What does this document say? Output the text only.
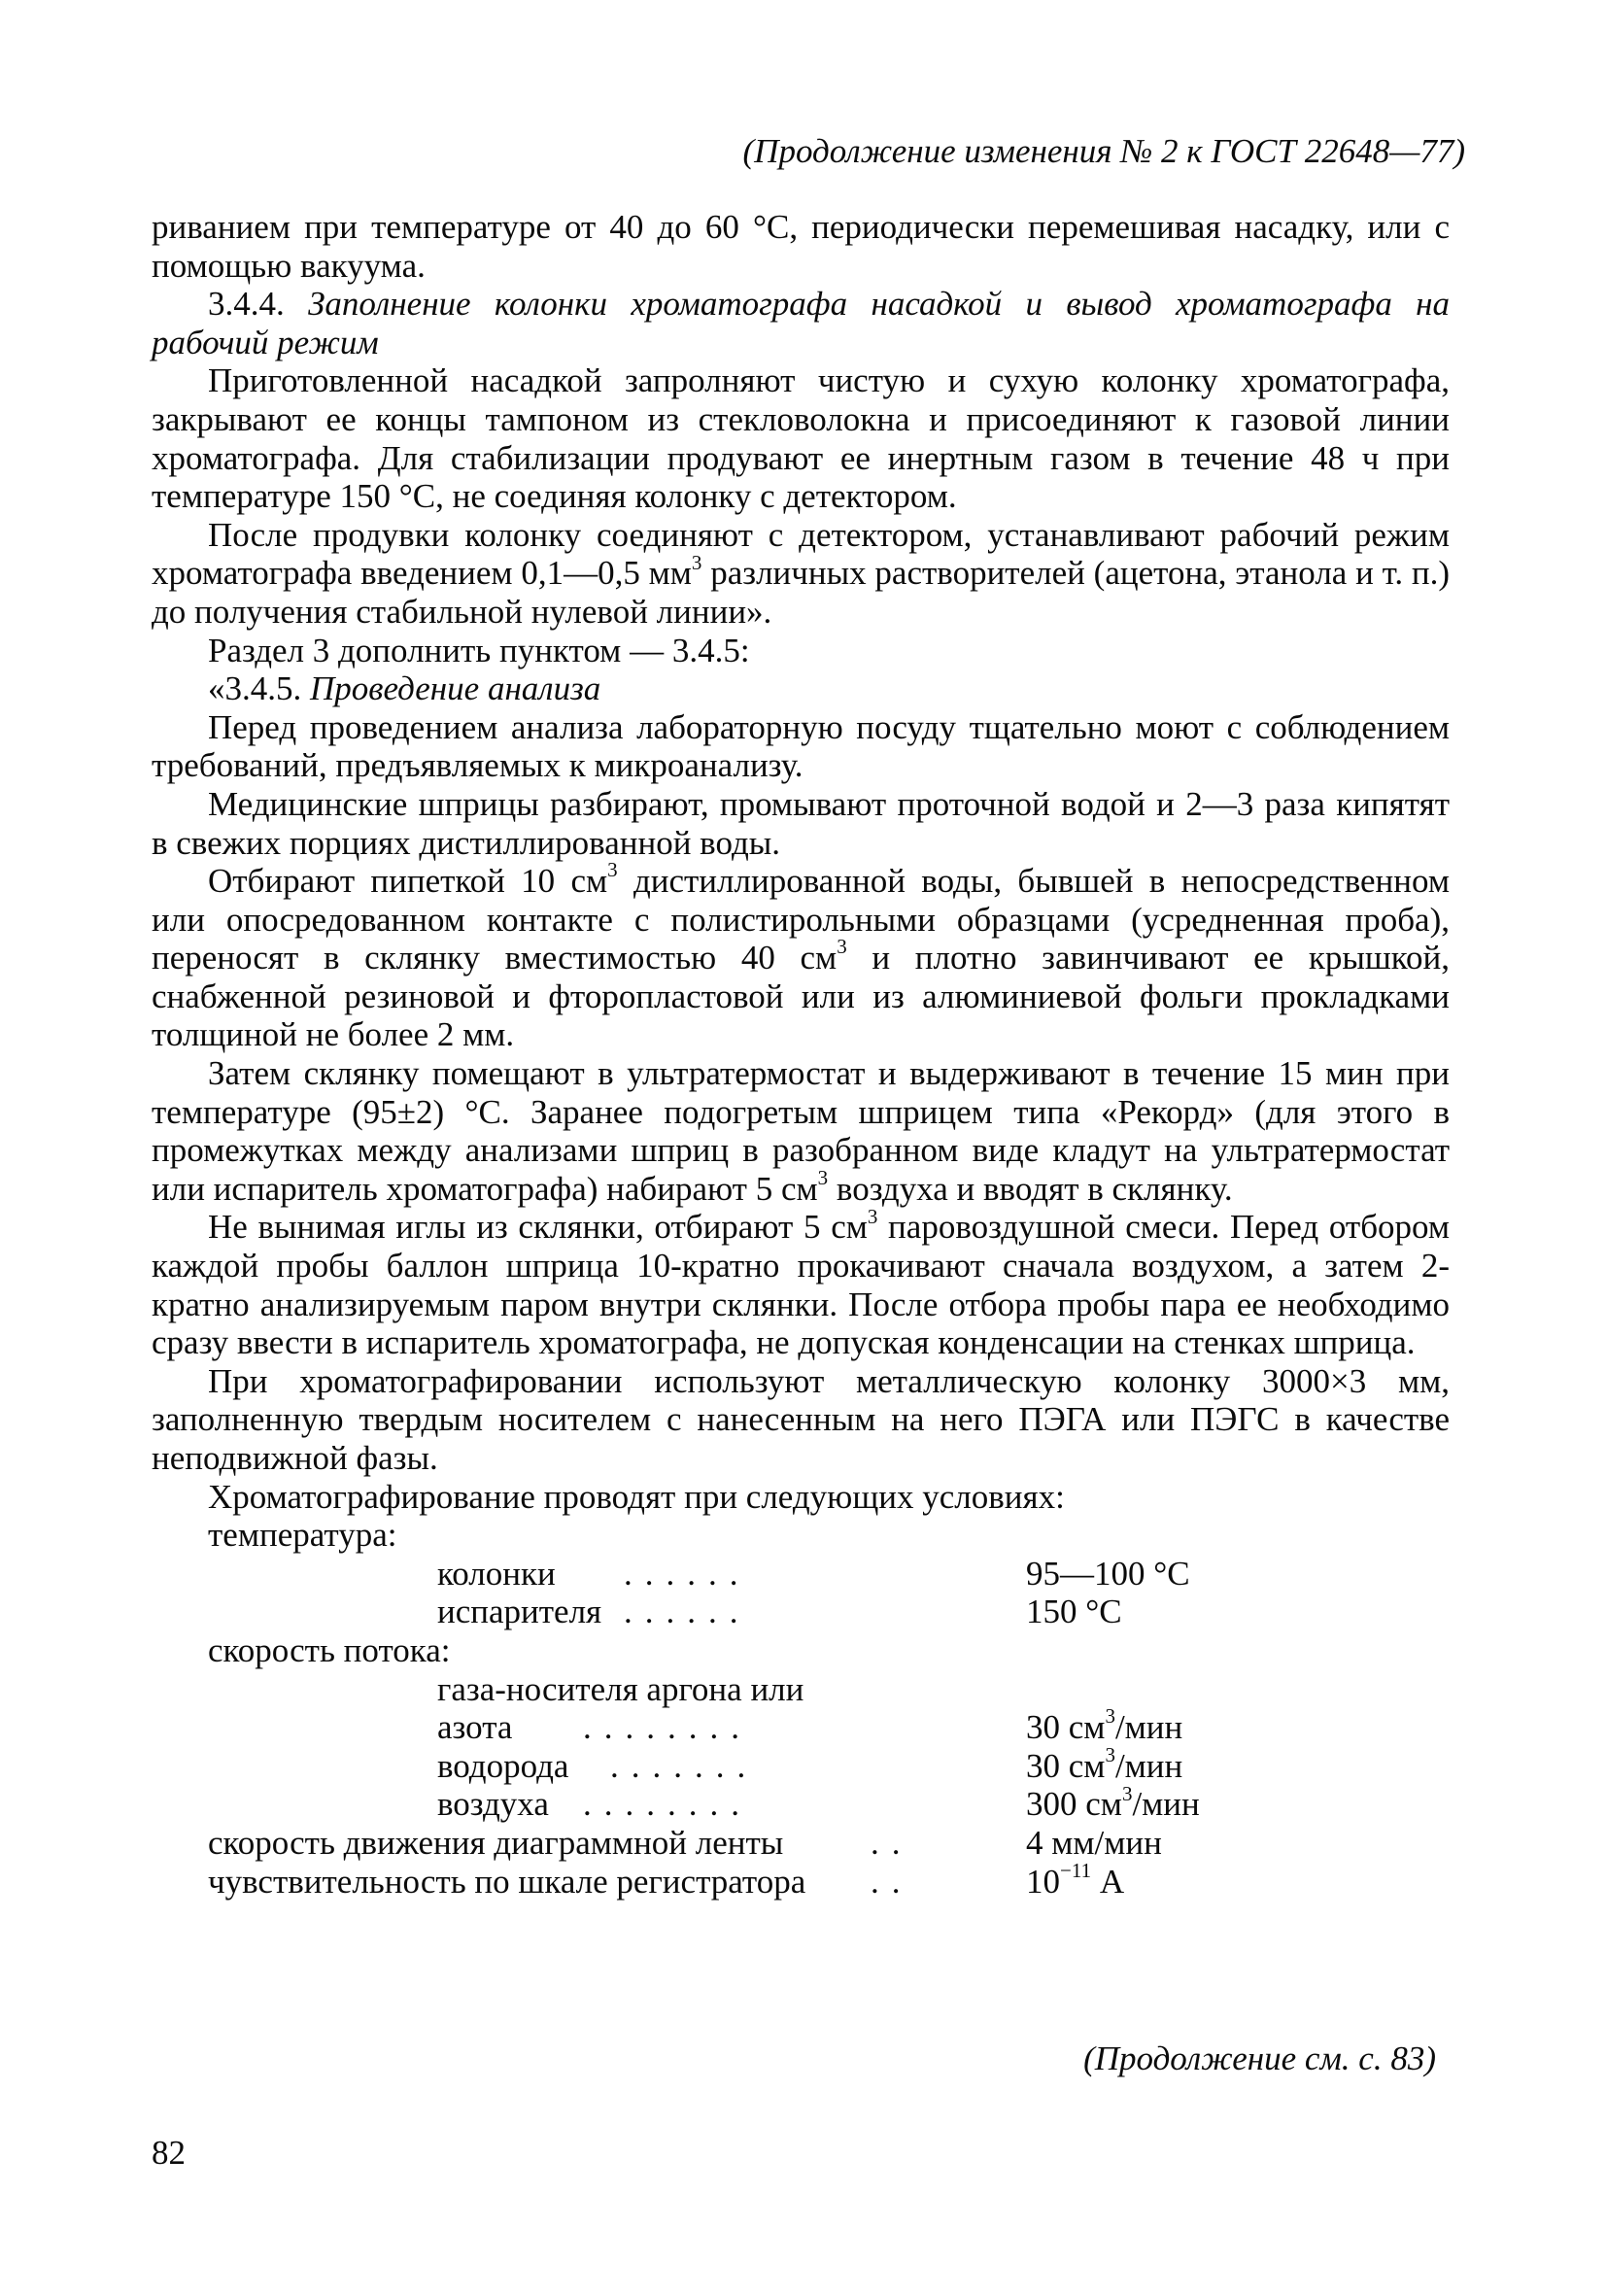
(Продолжение изменения № 2 к ГОСТ 22648—77)

риванием при температуре от 40 до 60 °С, периодически перемешивая насадку, или с помощью вакуума.

3.4.4. Заполнение колонки хроматографа насадкой и вывод хроматографа на рабочий режим

Приготовленной насадкой запролняют чистую и сухую колонку хроматографа, закрывают ее концы тампоном из стекловолокна и присоединяют к газовой линии хроматографа. Для стабилизации продувают ее инертным газом в течение 48 ч при температуре 150 °С, не соединяя колонку с детектором.

После продувки колонку соединяют с детектором, устанавливают рабочий режим хроматографа введением 0,1—0,5 $мм^3$ различных растворителей (ацетона, этанола и т. п.) до получения стабильной нулевой линии».

Раздел 3 дополнить пунктом — 3.4.5:

«3.4.5. Проведение анализа

Перед проведением анализа лабораторную посуду тщательно моют с соблюдением требований, предъявляемых к микроанализу.

Медицинские шприцы разбирают, промывают проточной водой и 2—3 раза кипятят в свежих порциях дистиллированной воды.

Отбирают пипеткой 10 $см^3$ дистиллированной воды, бывшей в непосредственном или опосредованном контакте с полистирольными образцами (усредненная проба), переносят в склянку вместимостью 40 $см^3$ и плотно завинчивают ее крышкой, снабженной резиновой и фторопластовой или из алюминиевой фольги прокладками толщиной не более 2 мм.

Затем склянку помещают в ультратермостат и выдерживают в течение 15 мин при температуре (95±2) °С. Заранее подогретым шприцем типа «Рекорд» (для этого в промежутках между анализами шприц в разобранном виде кладут на ультратермостат или испаритель хроматографа) набирают 5 $см^3$ воздуха и вводят в склянку.

Не вынимая иглы из склянки, отбирают 5 $см^3$ паровоздушной смеси. Перед отбором каждой пробы баллон шприца 10-кратно прокачивают сначала воздухом, а затем 2-кратно анализируемым паром внутри склянки. После отбора пробы пара ее необходимо сразу ввести в испаритель хроматографа, не допуская конденсации на стенках шприца.

При хроматографировании используют металлическую колонку 3000×3 мм, заполненную твердым носителем с нанесенным на него ПЭГА или ПЭГС в качестве неподвижной фазы.

Хроматографирование проводят при следующих условиях:

температура:
колонки ......	95—100 °С
испарителя ......	150 °С
скорость потока:
газа-носителя аргона или
азота ........	30 $см^3$/мин
водорода .......	30 $см^3$/мин
воздуха ........	300 $см^3$/мин
скорость движения диаграммной ленты	..	4 мм/мин
чувствительность по шкале регистратора ..	$10^{-11}$ А
(Продолжение см. с. 83)
82
